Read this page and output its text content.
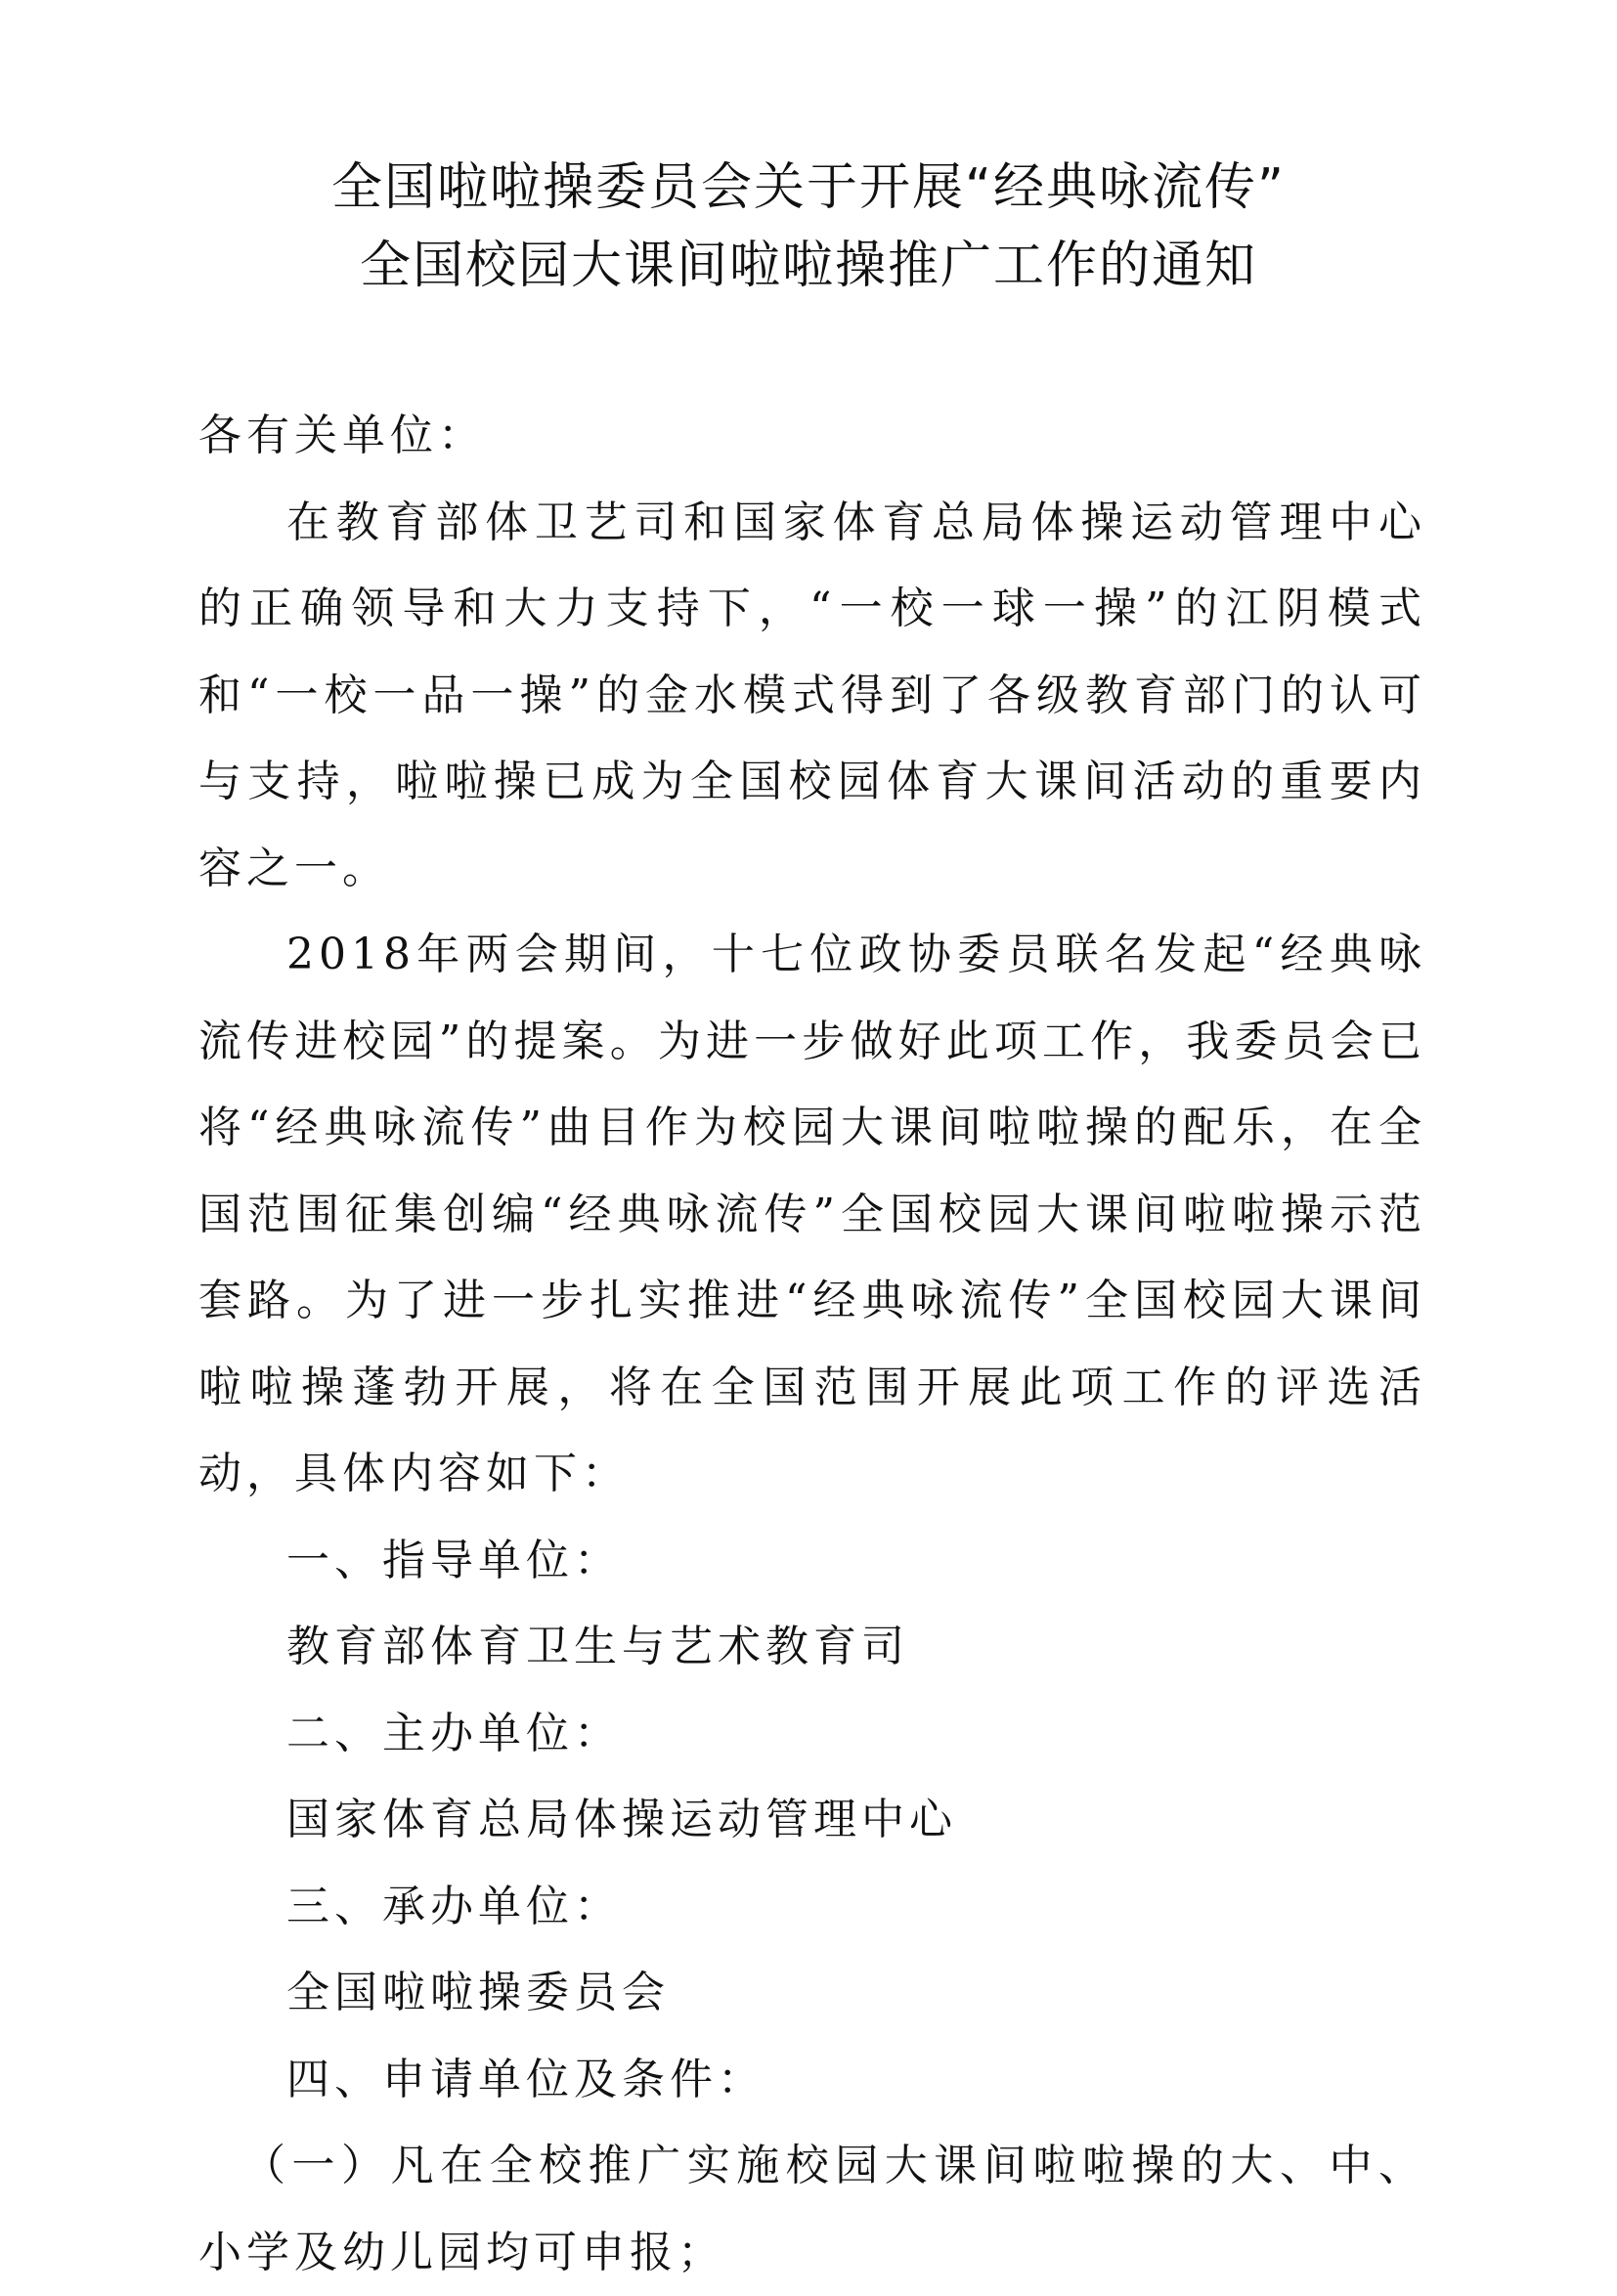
全国啦啦操委员会关于开展“经典咏流传”
全国校园大课间啦啦操推广工作的通知

各有关单位：

在教育部体卫艺司和国家体育总局体操运动管理中心的正确领导和大力支持下，“一校一球一操”的江阴模式和“一校一品一操”的金水模式得到了各级教育部门的认可与支持，啦啦操已成为全国校园体育大课间活动的重要内容之一。

2018年两会期间，十七位政协委员联名发起“经典咏流传进校园”的提案。为进一步做好此项工作，我委员会已将“经典咏流传”曲目作为校园大课间啦啦操的配乐，在全国范围征集创编“经典咏流传”全国校园大课间啦啦操示范套路。为了进一步扎实推进“经典咏流传”全国校园大课间啦啦操蓬勃开展，将在全国范围开展此项工作的评选活动，具体内容如下：

一、指导单位：

教育部体育卫生与艺术教育司

二、主办单位：

国家体育总局体操运动管理中心

三、承办单位：

全国啦啦操委员会

四、申请单位及条件：

（一）凡在全校推广实施校园大课间啦啦操的大、中、小学及幼儿园均可申报；
